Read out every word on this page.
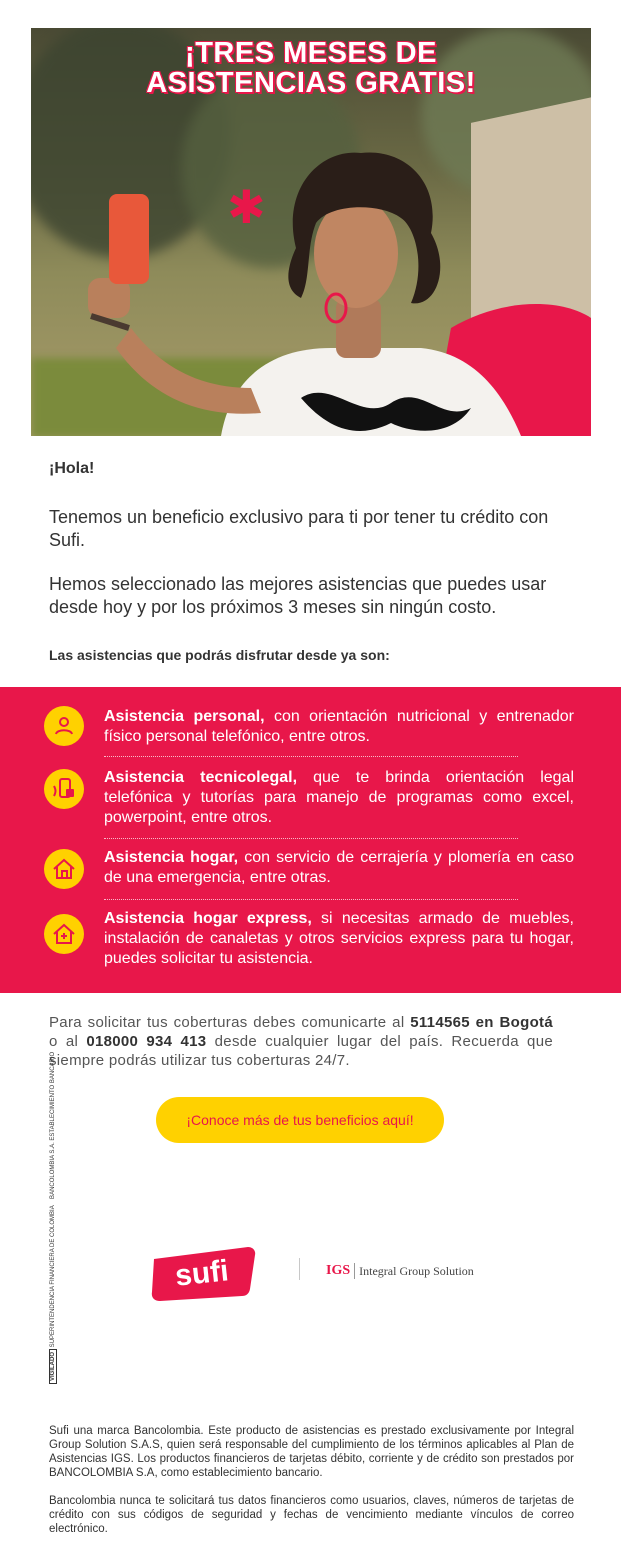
✱
¡TRES MESES DE
ASISTENCIAS GRATIS!
¡Hola!
Tenemos un beneficio exclusivo para ti por tener tu crédito con Sufi.
Hemos seleccionado las mejores asistencias que puedes usar desde hoy y por los próximos 3 meses sin ningún costo.
Las asistencias que podrás disfrutar desde ya son:
Asistencia personal, con orientación nutricional y entrenador físico personal telefónico, entre otros.
Asistencia tecnicolegal, que te brinda orientación legal telefónica y tutorías para manejo de programas como excel, powerpoint, entre otros.
Asistencia hogar, con servicio de cerrajería y plomería en caso de una emergencia, entre otras.
Asistencia hogar express, si necesitas armado de muebles, instalación de canaletas y otros servicios express para tu hogar, puedes solicitar tu asistencia.
Para solicitar tus coberturas debes comunicarte al 5114565 en Bogotá o al 018000 934 413 desde cualquier lugar del país. Recuerda que siempre podrás utilizar tus coberturas 24/7.
¡Conoce más de tus beneficios aquí!
VIGILADO SUPERINTENDENCIA FINANCIERA DE COLOMBIA    BANCOLOMBIA S.A. ESTABLECIMIENTO BANCARIO
sufi	IGS Integral Group Solution
Sufi una marca Bancolombia. Este producto de asistencias es prestado exclusivamente por Integral Group Solution S.A.S, quien será responsable del cumplimiento de los términos aplicables al Plan de Asistencias IGS. Los productos financieros de tarjetas débito, corriente y de crédito son prestados por BANCOLOMBIA S.A, como establecimiento bancario.
Bancolombia nunca te solicitará tus datos financieros como usuarios, claves, números de tarjetas de crédito con sus códigos de seguridad y fechas de vencimiento mediante vínculos de correo electrónico.
